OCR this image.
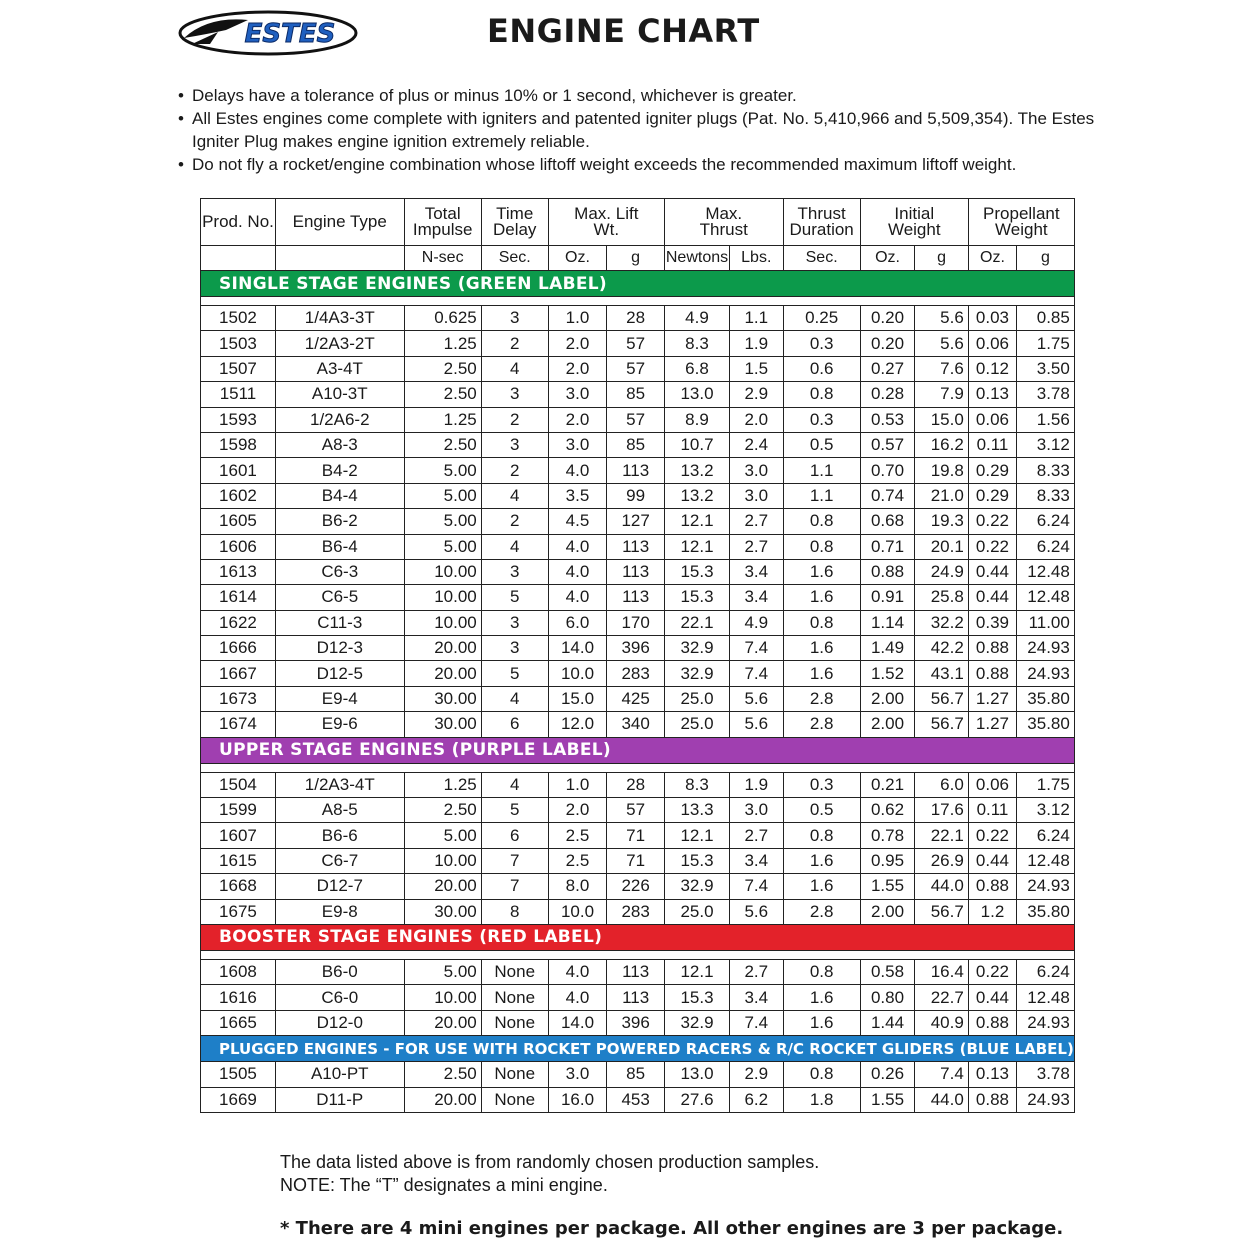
ESTES	ENGINE CHART
• Delays have a tolerance of plus or minus 10% or 1 second, whichever is greater.
• All Estes engines come complete with igniters and patented igniter plugs (Pat. No. 5,410,966 and 5,509,354). The Estes Igniter Plug makes engine ignition extremely reliable.
• Do not fly a rocket/engine combination whose liftoff weight exceeds the recommended maximum liftoff weight.
Prod. No.	Engine Type	Total Impulse	Time Delay	Max. Lift Wt.		Max. Thrust		Thrust Duration	Initial Weight		Propellant Weight	
		N-sec	Sec.	Oz.	g	Newtons	Lbs.	Sec.	Oz.	g	Oz.	g
SINGLE STAGE ENGINES (GREEN LABEL)												

1502	1/4A3-3T	0.625	3	1.0	28	4.9	1.1	0.25	0.20	5.6	0.03	0.85
1503	1/2A3-2T	1.25	2	2.0	57	8.3	1.9	0.3	0.20	5.6	0.06	1.75
1507	A3-4T	2.50	4	2.0	57	6.8	1.5	0.6	0.27	7.6	0.12	3.50
1511	A10-3T	2.50	3	3.0	85	13.0	2.9	0.8	0.28	7.9	0.13	3.78
1593	1/2A6-2	1.25	2	2.0	57	8.9	2.0	0.3	0.53	15.0	0.06	1.56
1598	A8-3	2.50	3	3.0	85	10.7	2.4	0.5	0.57	16.2	0.11	3.12
1601	B4-2	5.00	2	4.0	113	13.2	3.0	1.1	0.70	19.8	0.29	8.33
1602	B4-4	5.00	4	3.5	99	13.2	3.0	1.1	0.74	21.0	0.29	8.33
1605	B6-2	5.00	2	4.5	127	12.1	2.7	0.8	0.68	19.3	0.22	6.24
1606	B6-4	5.00	4	4.0	113	12.1	2.7	0.8	0.71	20.1	0.22	6.24
1613	C6-3	10.00	3	4.0	113	15.3	3.4	1.6	0.88	24.9	0.44	12.48
1614	C6-5	10.00	5	4.0	113	15.3	3.4	1.6	0.91	25.8	0.44	12.48
1622	C11-3	10.00	3	6.0	170	22.1	4.9	0.8	1.14	32.2	0.39	11.00
1666	D12-3	20.00	3	14.0	396	32.9	7.4	1.6	1.49	42.2	0.88	24.93
1667	D12-5	20.00	5	10.0	283	32.9	7.4	1.6	1.52	43.1	0.88	24.93
1673	E9-4	30.00	4	15.0	425	25.0	5.6	2.8	2.00	56.7	1.27	35.80
1674	E9-6	30.00	6	12.0	340	25.0	5.6	2.8	2.00	56.7	1.27	35.80
UPPER STAGE ENGINES (PURPLE LABEL)												

1504	1/2A3-4T	1.25	4	1.0	28	8.3	1.9	0.3	0.21	6.0	0.06	1.75
1599	A8-5	2.50	5	2.0	57	13.3	3.0	0.5	0.62	17.6	0.11	3.12
1607	B6-6	5.00	6	2.5	71	12.1	2.7	0.8	0.78	22.1	0.22	6.24
1615	C6-7	10.00	7	2.5	71	15.3	3.4	1.6	0.95	26.9	0.44	12.48
1668	D12-7	20.00	7	8.0	226	32.9	7.4	1.6	1.55	44.0	0.88	24.93
1675	E9-8	30.00	8	10.0	283	25.0	5.6	2.8	2.00	56.7	1.2	35.80
BOOSTER STAGE ENGINES (RED LABEL)												

1608	B6-0	5.00	None	4.0	113	12.1	2.7	0.8	0.58	16.4	0.22	6.24
1616	C6-0	10.00	None	4.0	113	15.3	3.4	1.6	0.80	22.7	0.44	12.48
1665	D12-0	20.00	None	14.0	396	32.9	7.4	1.6	1.44	40.9	0.88	24.93
PLUGGED ENGINES - FOR USE WITH ROCKET POWERED RACERS & R/C ROCKET GLIDERS (BLUE LABEL)												
1505	A10-PT	2.50	None	3.0	85	13.0	2.9	0.8	0.26	7.4	0.13	3.78
1669	D11-P	20.00	None	16.0	453	27.6	6.2	1.8	1.55	44.0	0.88	24.93
The data listed above is from randomly chosen production samples.
NOTE: The “T” designates a mini engine.
* There are 4 mini engines per package. All other engines are 3 per package.
